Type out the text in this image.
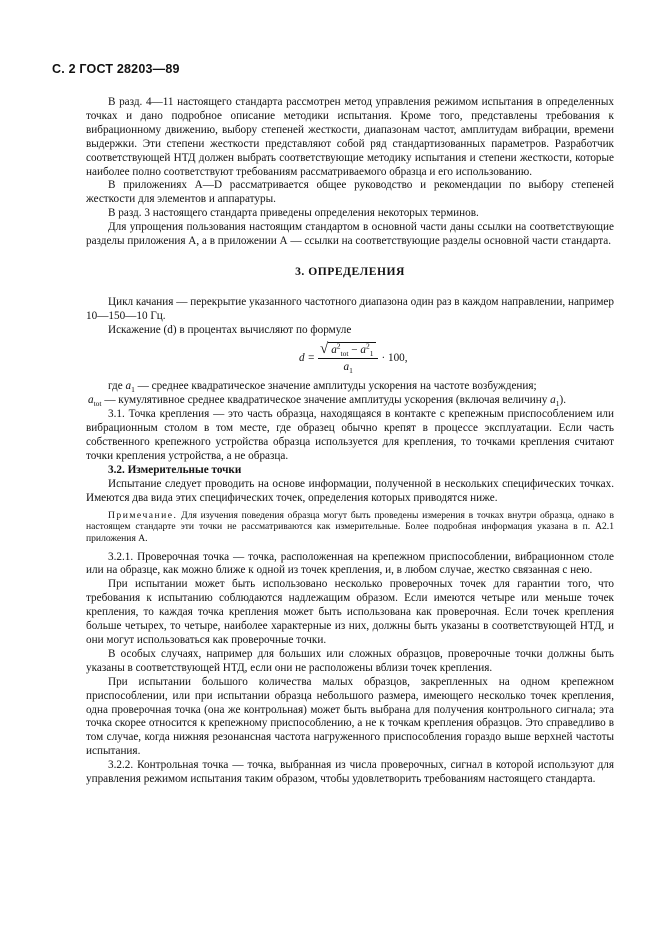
С. 2 ГОСТ 28203—89

В разд. 4—11 настоящего стандарта рассмотрен метод управления режимом испытания в определенных точках и дано подробное описание методики испытания. Кроме того, представлены требования к вибрационному движению, выбору степеней жесткости, диапазонам частот, амплитудам вибрации, времени выдержки. Эти степени жесткости представляют собой ряд стандартизованных параметров. Разработчик соответствующей НТД должен выбрать соответствующие методику испытания и степени жесткости, которые наиболее полно соответствуют требованиям рассматриваемого образца и его использованию.

В приложениях А—D рассматривается общее руководство и рекомендации по выбору степеней жесткости для элементов и аппаратуры.

В разд. 3 настоящего стандарта приведены определения некоторых терминов.

Для упрощения пользования настоящим стандартом в основной части даны ссылки на соответствующие разделы приложения А, а в приложении А — ссылки на соответствующие разделы основной части стандарта.

3. ОПРЕДЕЛЕНИЯ

Цикл качания — перекрытие указанного частотного диапазона один раз в каждом направлении, например 10—150—10 Гц.

Искажение (d) в процентах вычисляют по формуле

$d = \frac{√ a^2_{tot} - a^2_1}{a_1} \cdot 100$,

где $a_1$ — среднее квадратическое значение амплитуды ускорения на частоте возбуждения;

$a_{tot}$ — кумулятивное среднее квадратическое значение амплитуды ускорения (включая величину $a_1$).

3.1. Точка крепления — это часть образца, находящаяся в контакте с крепежным приспособлением или вибрационным столом в том месте, где образец обычно крепят в процессе эксплуатации. Если часть собственного крепежного устройства образца используется для крепления, то точками крепления считают точки крепления устройства, а не образца.

3.2. Измерительные точки

Испытание следует проводить на основе информации, полученной в нескольких специфических точках. Имеются два вида этих специфических точек, определения которых приводятся ниже.

Примечание. Для изучения поведения образца могут быть проведены измерения в точках внутри образца, однако в настоящем стандарте эти точки не рассматриваются как измерительные. Более подробная информация указана в п. А2.1 приложения А.

3.2.1. Проверочная точка — точка, расположенная на крепежном приспособлении, вибрационном столе или на образце, как можно ближе к одной из точек крепления, и, в любом случае, жестко связанная с нею.

При испытании может быть использовано несколько проверочных точек для гарантии того, что требования к испытанию соблюдаются надлежащим образом. Если имеются четыре или меньше точек крепления, то каждая точка крепления может быть использована как проверочная. Если точек крепления больше четырех, то четыре, наиболее характерные из них, должны быть указаны в соответствующей НТД, и они могут использоваться как проверочные точки.

В особых случаях, например для больших или сложных образцов, проверочные точки должны быть указаны в соответствующей НТД, если они не расположены вблизи точек крепления.

При испытании большого количества малых образцов, закрепленных на одном крепежном приспособлении, или при испытании образца небольшого размера, имеющего несколько точек крепления, одна проверочная точка (она же контрольная) может быть выбрана для получения контрольного сигнала; эта точка скорее относится к крепежному приспособлению, а не к точкам крепления образцов. Это справедливо в том случае, когда нижняя резонансная частота нагруженного приспособления гораздо выше верхней частоты испытания.

3.2.2. Контрольная точка — точка, выбранная из числа проверочных, сигнал в которой используют для управления режимом испытания таким образом, чтобы удовлетворить требованиям настоящего стандарта.
